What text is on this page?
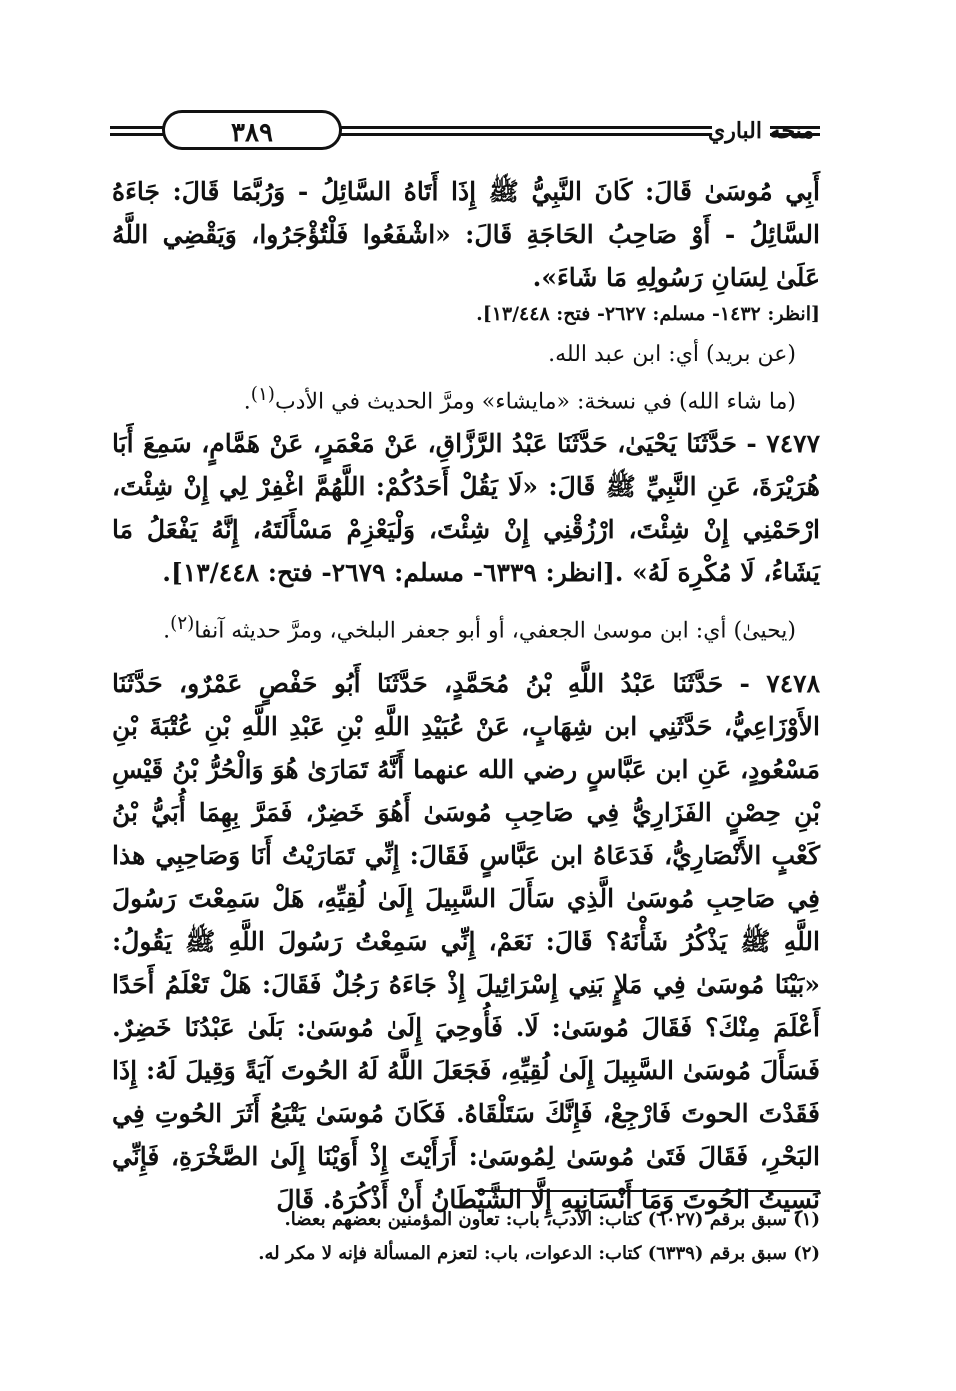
٣٨٩	منحة الباري

أَبِي مُوسَىٰ قَالَ: كَانَ النَّبِيُّ ﷺ إِذَا أَتَاهُ السَّائِلُ - وَرُبَّمَا قَالَ: جَاءَهُ السَّائِلُ - أَوْ صَاحِبُ الحَاجَةِ قَالَ: «اشْفَعُوا فَلْتُؤْجَرُوا، وَيَقْضِي اللَّهُ عَلَىٰ لِسَانِ رَسُولِهِ مَا شَاءَ».

[انظر: ١٤٣٢- مسلم: ٢٦٢٧- فتح: ١٣/٤٤٨].

(عن بريد) أي: ابن عبد الله.

(ما شاء الله) في نسخة: «مايشاء» ومرَّ الحديث في الأدب$^{(١)}$.

٧٤٧٧ - حَدَّثَنَا يَحْيَىٰ، حَدَّثَنَا عَبْدُ الرَّزَّاقِ، عَنْ مَعْمَرٍ، عَنْ هَمَّامٍ، سَمِعَ أَبَا هُرَيْرَةَ، عَنِ النَّبِيِّ ﷺ قَالَ: «لَا يَقُلْ أَحَدُكُمْ: اللَّهُمَّ اغْفِرْ لِي إِنْ شِئْتَ، ارْحَمْنِي إِنْ شِئْتَ، ارْزُقْنِي إِنْ شِئْتَ، وَلْيَعْزِمْ مَسْأَلَتَهُ، إِنَّهُ يَفْعَلُ مَا يَشَاءُ، لَا مُكْرِهَ لَهُ» .[انظر: ٦٣٣٩- مسلم: ٢٦٧٩- فتح: ١٣/٤٤٨].

(يحيىٰ) أي: ابن موسىٰ الجعفي، أو أبو جعفر البلخي، ومرَّ حديثه آنفا$^{(٢)}$.

٧٤٧٨ - حَدَّثَنَا عَبْدُ اللَّهِ بْنُ مُحَمَّدٍ، حَدَّثَنَا أَبُو حَفْصٍ عَمْرٌو، حَدَّثَنَا الأَوْزَاعِيُّ، حَدَّثَنِي ابن شِهَابٍ، عَنْ عُبَيْدِ اللَّهِ بْنِ عَبْدِ اللَّهِ بْنِ عُتْبَةَ بْنِ مَسْعُودٍ، عَنِ ابن عَبَّاسٍ رضي الله عنهما أَنَّهُ تَمَارَىٰ هُوَ وَالْحُرُّ بْنُ قَيْسِ بْنِ حِصْنٍ الفَزَارِيُّ فِي صَاحِبِ مُوسَىٰ أَهُوَ خَضِرٌ، فَمَرَّ بِهِمَا أُبَيُّ بْنُ كَعْبٍ الأَنْصَارِيُّ، فَدَعَاهُ ابن عَبَّاسٍ فَقَالَ: إِنِّي تَمَارَيْتُ أَنَا وَصَاحِبِي هذا فِي صَاحِبِ مُوسَىٰ الَّذِي سَأَلَ السَّبِيلَ إِلَىٰ لُقِيِّهِ، هَلْ سَمِعْتَ رَسُولَ اللَّهِ ﷺ يَذْكُرُ شَأْنَهُ؟ قَالَ: نَعَمْ، إِنِّي سَمِعْتُ رَسُولَ اللَّهِ ﷺ يَقُولُ: «بَيْنَا مُوسَىٰ فِي مَلإٍ بَنِي إِسْرَائِيلَ إِذْ جَاءَهُ رَجُلٌ فَقَالَ: هَلْ تَعْلَمُ أَحَدًا أَعْلَمَ مِنْكَ؟ فَقَالَ مُوسَىٰ: لَا. فَأُوحِيَ إِلَىٰ مُوسَىٰ: بَلَىٰ عَبْدُنَا خَضِرٌ. فَسَأَلَ مُوسَىٰ السَّبِيلَ إِلَىٰ لُقِيِّهِ، فَجَعَلَ اللَّهُ لَهُ الحُوتَ آيَةً وَقِيلَ لَهُ: إِذَا فَقَدْتَ الحوتَ فَارْجِعْ، فَإِنَّكَ سَتَلْقَاهُ. فَكَانَ مُوسَىٰ يَتْبَعُ أَثَرَ الحُوتِ فِي البَحْرِ، فَقَالَ فَتَىٰ مُوسَىٰ لِمُوسَىٰ: أَرَأَيْتَ إِذْ أَوَيْنَا إِلَىٰ الصَّخْرَةِ، فَإِنِّي نَسِيتُ الحُوتَ وَمَا أَنْسَانِيهِ إِلَّا الشَّيْطَانُ أَنْ أَذْكُرَهُ. قَالَ

(١) سبق برقم (٦٠٢٧) كتاب: الأدب، باب: تعاون المؤمنين بعضهم بعضا.

(٢) سبق برقم (٦٣٣٩) كتاب: الدعوات، باب: لتعزم المسألة فإنه لا مكر له.
